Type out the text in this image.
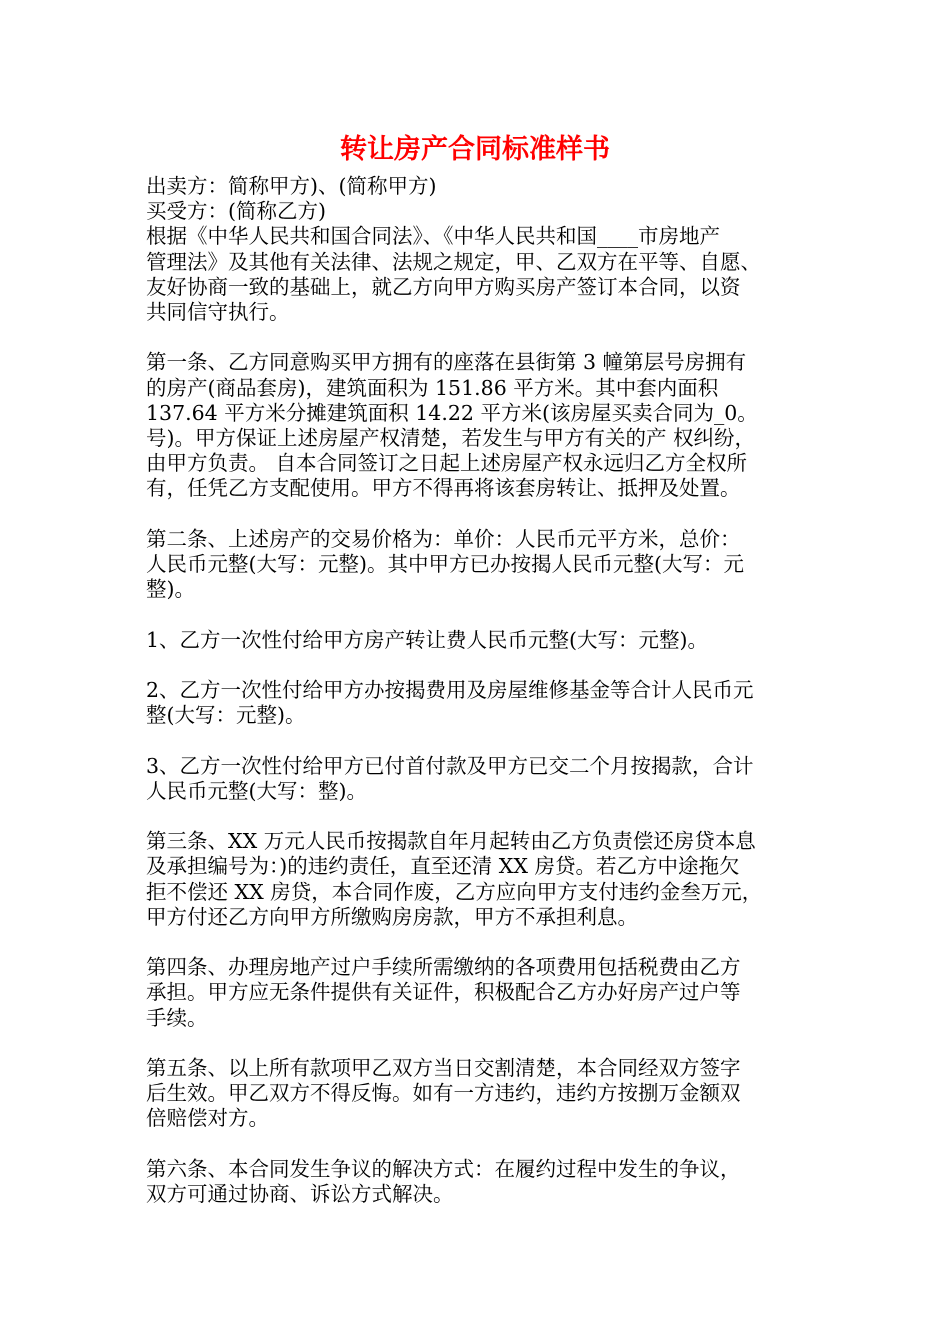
转让房产合同标准样书

出卖方：简称甲方)、(简称甲方)
买受方：(简称乙方)

根据《中华人民共和国合同法》、《中华人民共和国____市房地产
管理法》及其他有关法律、法规之规定，甲、乙双方在平等、自愿、
友好协商一致的基础上，就乙方向甲方购买房产签订本合同，以资
共同信守执行。

第一条、乙方同意购买甲方拥有的座落在县街第 3 幢第层号房拥有
的房产(商品套房)，建筑面积为 151.86 平方米。其中套内面积
137.64 平方米分摊建筑面积 14.22 平方米(该房屋买卖合同为_0。
号)。甲方保证上述房屋产权清楚，若发生与甲方有关的产 权纠纷，
由甲方负责。 自本合同签订之日起上述房屋产权永远归乙方全权所
有，任凭乙方支配使用。甲方不得再将该套房转让、抵押及处置。

第二条、上述房产的交易价格为：单价：人民币元平方米，总价：
人民币元整(大写：元整)。其中甲方已办按揭人民币元整(大写：元
整)。

1、乙方一次性付给甲方房产转让费人民币元整(大写：元整)。

2、乙方一次性付给甲方办按揭费用及房屋维修基金等合计人民币元
整(大写：元整)。

3、乙方一次性付给甲方已付首付款及甲方已交二个月按揭款，合计
人民币元整(大写：整)。

第三条、XX 万元人民币按揭款自年月起转由乙方负责偿还房贷本息
及承担编号为：)的违约责任，直至还清 XX 房贷。若乙方中途拖欠
拒不偿还 XX 房贷，本合同作废，乙方应向甲方支付违约金叁万元，
甲方付还乙方向甲方所缴购房房款，甲方不承担利息。

第四条、办理房地产过户手续所需缴纳的各项费用包括税费由乙方
承担。甲方应无条件提供有关证件，积极配合乙方办好房产过户等
手续。

第五条、以上所有款项甲乙双方当日交割清楚，本合同经双方签字
后生效。甲乙双方不得反悔。如有一方违约，违约方按捌万金额双
倍赔偿对方。

第六条、本合同发生争议的解决方式：在履约过程中发生的争议，
双方可通过协商、诉讼方式解决。
